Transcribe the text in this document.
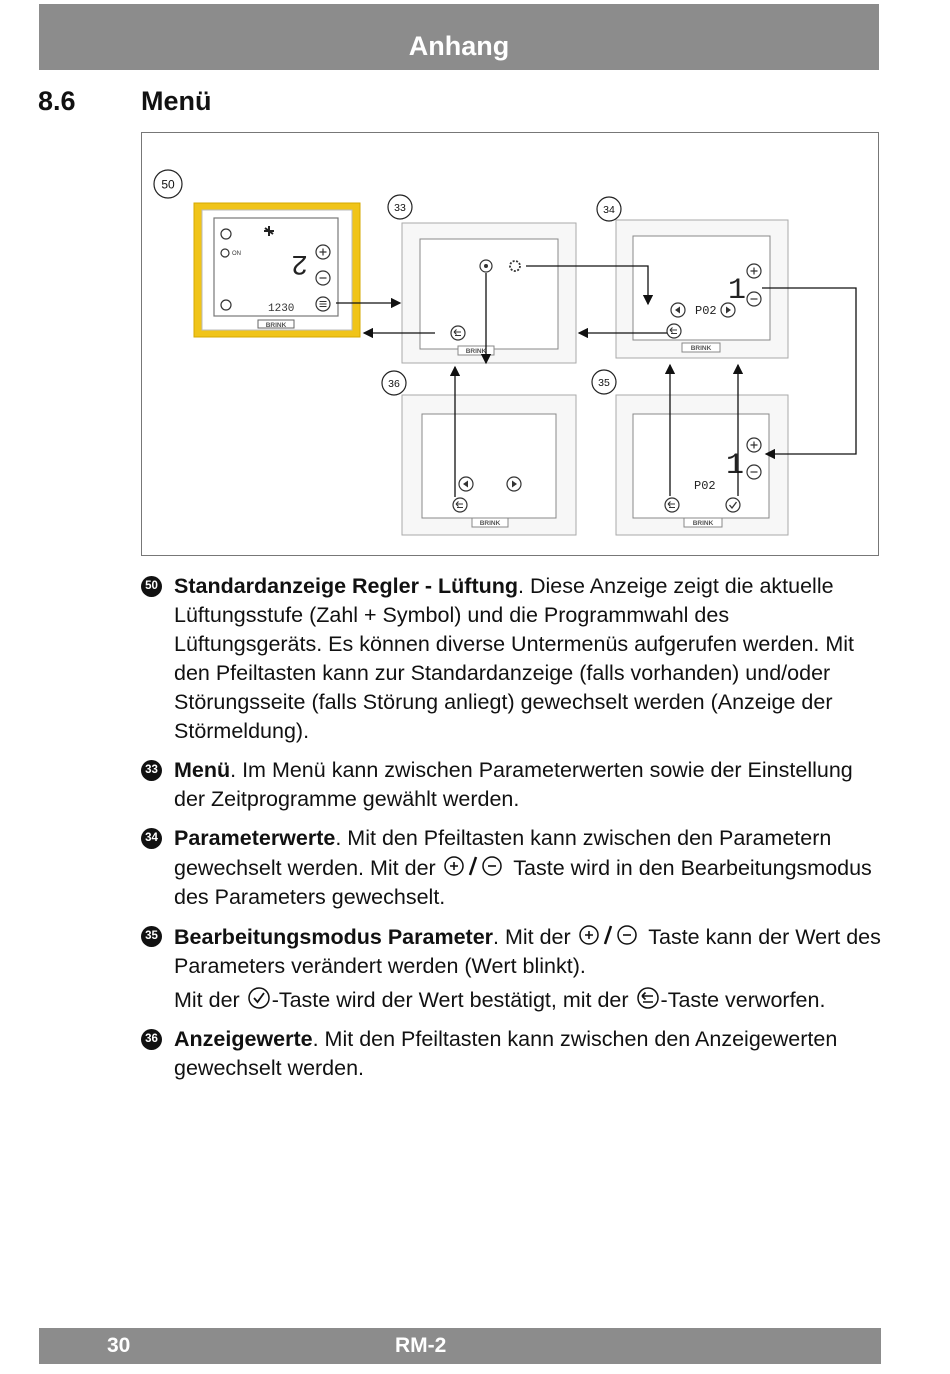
Anhang
8.6	Menü
2
ON
1230
BRINK
50
BRINK
33
BRINK
1
P02
34
BRINK
36
BRINK
1
P02
35
50 Standardanzeige Regler - Lüftung. Diese Anzeige zeigt die aktuelle Lüftungsstufe (Zahl + Symbol) und die Programmwahl des Lüftungsgeräts. Es können diverse Untermenüs aufgerufen werden. Mit den Pfeiltasten kann zur Standardanzeige (falls vorhanden) und/oder Störungsseite (falls Störung anliegt) gewechselt werden (Anzeige der Störmeldung).
33 Menü. Im Menü kann zwischen Parameterwerten sowie der Einstellung der Zeitprogramme gewählt werden.
34 Parameterwerte. Mit den Pfeiltasten kann zwischen den Parametern gewechselt werden. Mit der	Taste wird in den Bearbeitungsmodus des Parameters gewechselt.
35 Bearbeitungsmodus Parameter. Mit der	Taste kann der Wert des Parameters verändert werden (Wert blinkt).
Mit der -Taste wird der Wert bestätigt, mit der -Taste verworfen.
36 Anzeigewerte. Mit den Pfeiltasten kann zwischen den Anzeigewerten gewechselt werden.
30	RM-2
